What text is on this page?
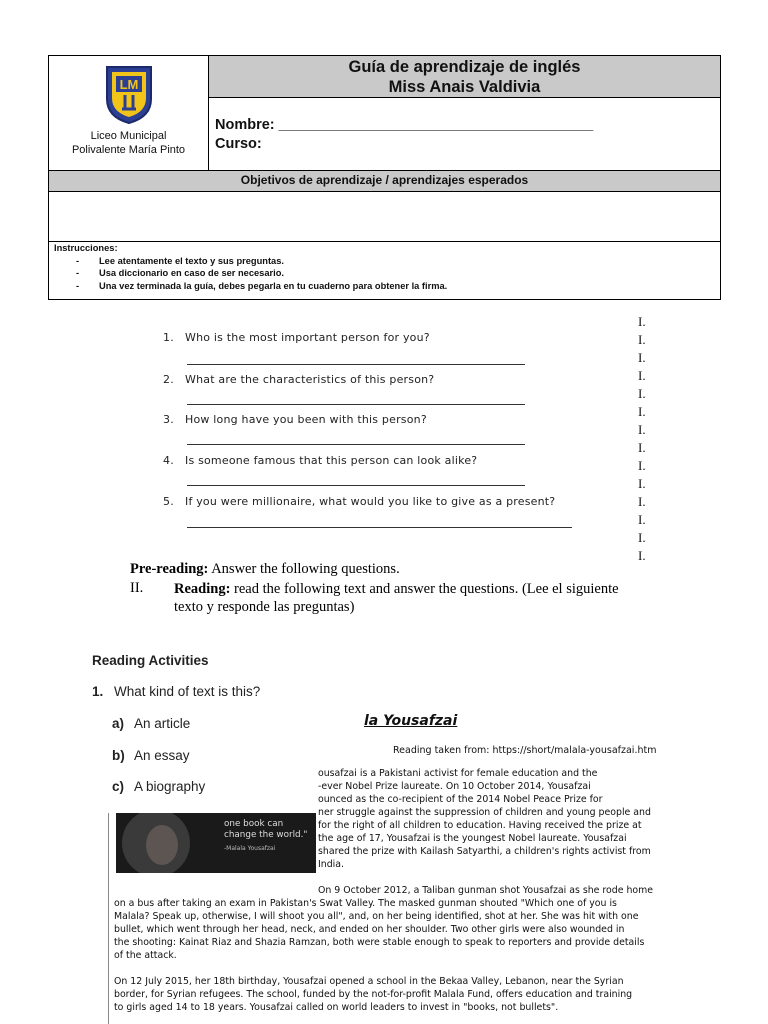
LM
Liceo Municipal
Polivalente María Pinto
Guía de aprendizaje de inglés
Miss Anais Valdivia
Nombre: _______________________________________
Curso:
Objetivos de aprendizaje / aprendizajes esperados
Instrucciones:
- Lee atentamente el texto y sus preguntas.
- Usa diccionario en caso de ser necesario.
- Una vez terminada la guía, debes pegarla en tu cuaderno para obtener la firma.
1. Who is the most important person for you?
2. What are the characteristics of this person?
3. How long have you been with this person?
4. Is someone famous that this person can look alike?
5. If you were millionaire, what would you like to give as a present?
I.
I.
I.
I.
I.
I.
I.
I.
I.
I.
I.
I.
I.
I.
Pre-reading: Answer the following questions.
II. Reading: read the following text and answer the questions. (Lee el siguiente
texto y responde las preguntas)
Reading Activities
1. What kind of text is this?
la Yousafzai
Reading taken from: https://short/malala-yousafzai.htm
ousafzai is a Pakistani activist for female education and the
-ever Nobel Prize laureate. On 10 October 2014, Yousafzai
ounced as the co-recipient of the 2014 Nobel Peace Prize for
ner struggle against the suppression of children and young people and
for the right of all children to education. Having received the prize at
the age of 17, Yousafzai is the youngest Nobel laureate. Yousafzai
shared the prize with Kailash Satyarthi, a children's rights activist from
India.
one book can
change the world."
-Malala Yousafzai
On 9 October 2012, a Taliban gunman shot Yousafzai as she rode home
on a bus after taking an exam in Pakistan's Swat Valley. The masked gunman shouted "Which one of you is
Malala? Speak up, otherwise, I will shoot you all", and, on her being identified, shot at her. She was hit with one
bullet, which went through her head, neck, and ended on her shoulder. Two other girls were also wounded in
the shooting: Kainat Riaz and Shazia Ramzan, both were stable enough to speak to reporters and provide details
of the attack.
On 12 July 2015, her 18th birthday, Yousafzai opened a school in the Bekaa Valley, Lebanon, near the Syrian
border, for Syrian refugees. The school, funded by the not-for-profit Malala Fund, offers education and training
to girls aged 14 to 18 years. Yousafzai called on world leaders to invest in "books, not bullets".
a) An article
b) An essay
c) A biography
